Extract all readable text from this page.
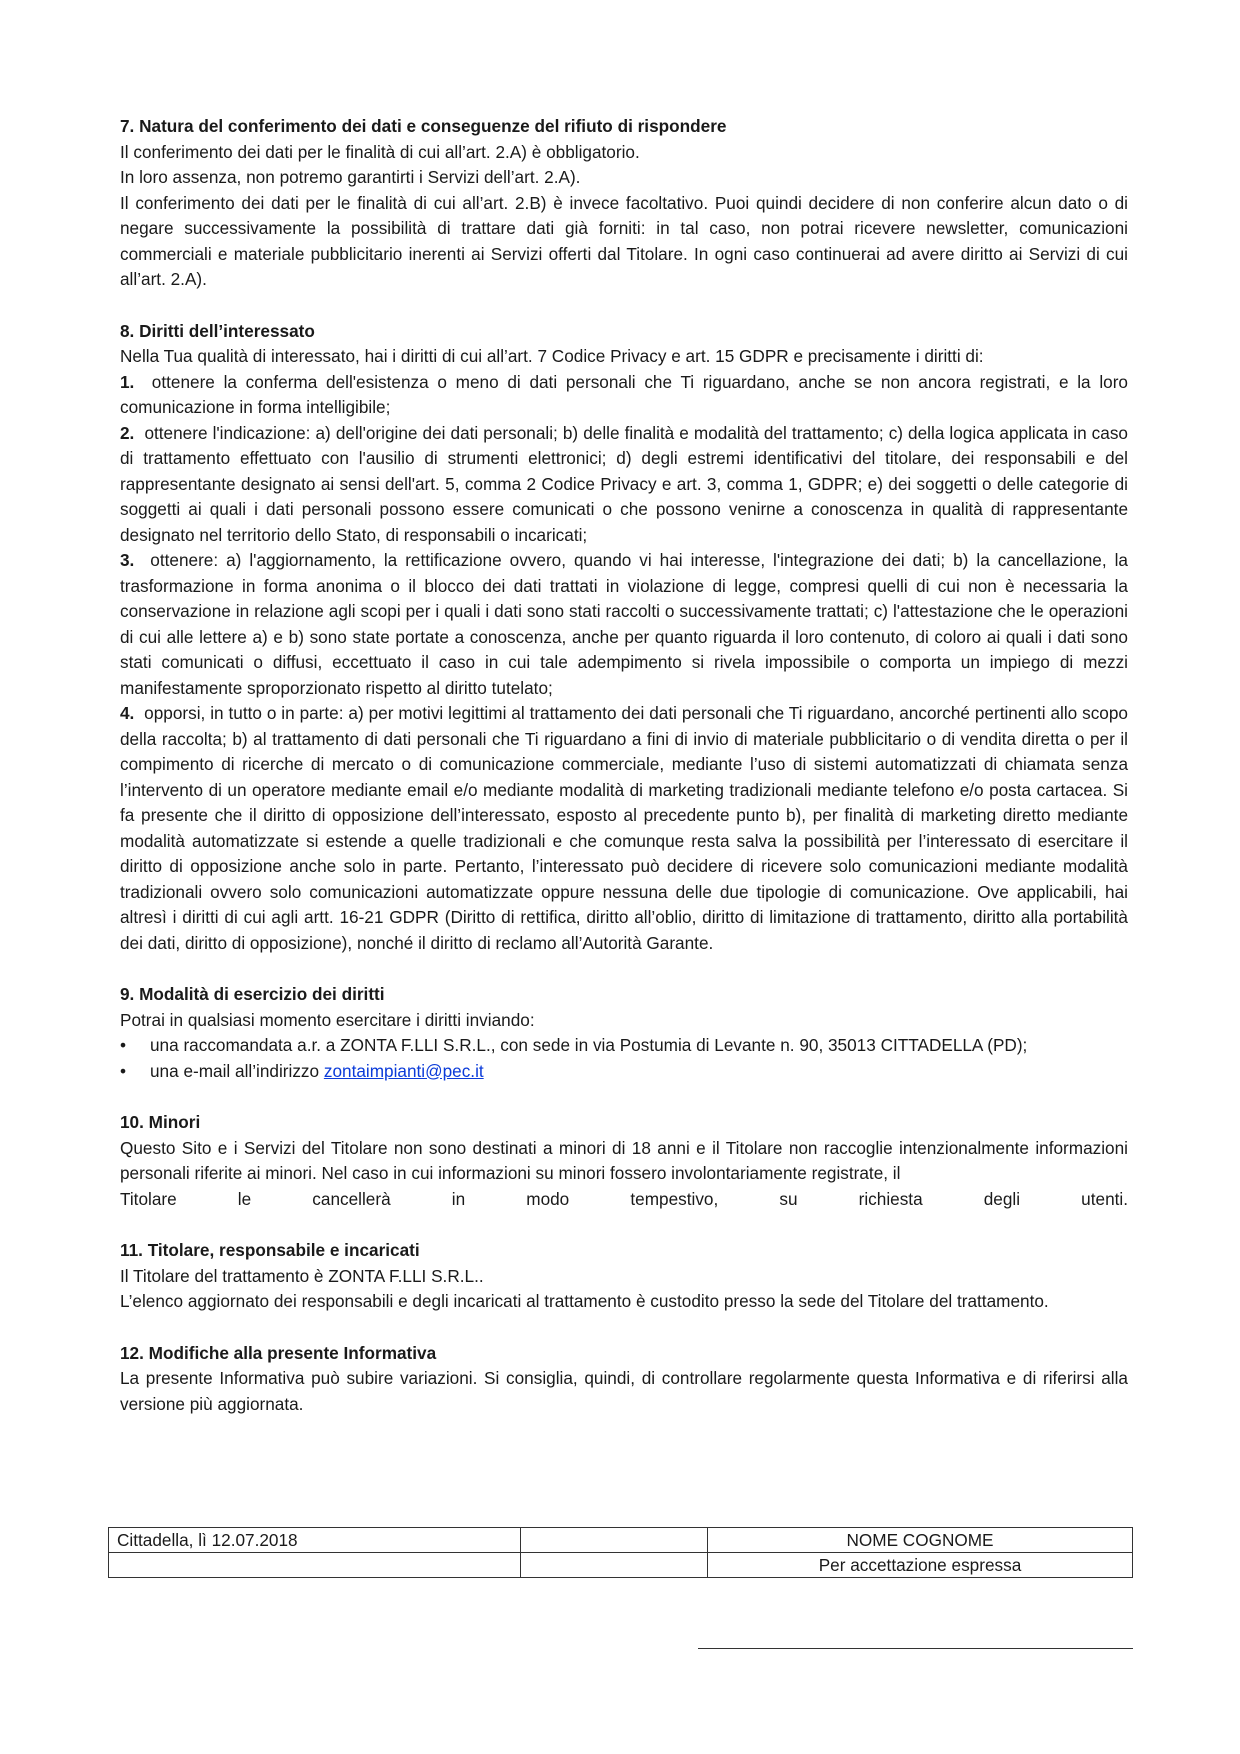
7. Natura del conferimento dei dati e conseguenze del rifiuto di rispondere

Il conferimento dei dati per le finalità di cui all’art. 2.A) è obbligatorio.

In loro assenza, non potremo garantirti i Servizi dell’art. 2.A).

Il conferimento dei dati per le finalità di cui all’art. 2.B) è invece facoltativo. Puoi quindi decidere di non conferire alcun dato o di negare successivamente la possibilità di trattare dati già forniti: in tal caso, non potrai ricevere newsletter, comunicazioni commerciali e materiale pubblicitario inerenti ai Servizi offerti dal Titolare. In ogni caso continuerai ad avere diritto ai Servizi di cui all’art. 2.A).

8. Diritti dell’interessato

Nella Tua qualità di interessato, hai i diritti di cui all’art. 7 Codice Privacy e art. 15 GDPR e precisamente i diritti di:

1. ottenere la conferma dell'esistenza o meno di dati personali che Ti riguardano, anche se non ancora registrati, e la loro comunicazione in forma intelligibile;

2. ottenere l'indicazione: a) dell'origine dei dati personali; b) delle finalità e modalità del trattamento; c) della logica applicata in caso di trattamento effettuato con l'ausilio di strumenti elettronici; d) degli estremi identificativi del titolare, dei responsabili e del rappresentante designato ai sensi dell'art. 5, comma 2 Codice Privacy e art. 3, comma 1, GDPR; e) dei soggetti o delle categorie di soggetti ai quali i dati personali possono essere comunicati o che possono venirne a conoscenza in qualità di rappresentante designato nel territorio dello Stato, di responsabili o incaricati;

3. ottenere: a) l'aggiornamento, la rettificazione ovvero, quando vi hai interesse, l'integrazione dei dati; b) la cancellazione, la trasformazione in forma anonima o il blocco dei dati trattati in violazione di legge, compresi quelli di cui non è necessaria la conservazione in relazione agli scopi per i quali i dati sono stati raccolti o successivamente trattati; c) l'attestazione che le operazioni di cui alle lettere a) e b) sono state portate a conoscenza, anche per quanto riguarda il loro contenuto, di coloro ai quali i dati sono stati comunicati o diffusi, eccettuato il caso in cui tale adempimento si rivela impossibile o comporta un impiego di mezzi manifestamente sproporzionato rispetto al diritto tutelato;

4. opporsi, in tutto o in parte: a) per motivi legittimi al trattamento dei dati personali che Ti riguardano, ancorché pertinenti allo scopo della raccolta; b) al trattamento di dati personali che Ti riguardano a fini di invio di materiale pubblicitario o di vendita diretta o per il compimento di ricerche di mercato o di comunicazione commerciale, mediante l’uso di sistemi automatizzati di chiamata senza l’intervento di un operatore mediante email e/o mediante modalità di marketing tradizionali mediante telefono e/o posta cartacea. Si fa presente che il diritto di opposizione dell’interessato, esposto al precedente punto b), per finalità di marketing diretto mediante modalità automatizzate si estende a quelle tradizionali e che comunque resta salva la possibilità per l’interessato di esercitare il diritto di opposizione anche solo in parte. Pertanto, l’interessato può decidere di ricevere solo comunicazioni mediante modalità tradizionali ovvero solo comunicazioni automatizzate oppure nessuna delle due tipologie di comunicazione. Ove applicabili, hai altresì i diritti di cui agli artt. 16-21 GDPR (Diritto di rettifica, diritto all’oblio, diritto di limitazione di trattamento, diritto alla portabilità dei dati, diritto di opposizione), nonché il diritto di reclamo all’Autorità Garante.

9. Modalità di esercizio dei diritti

Potrai in qualsiasi momento esercitare i diritti inviando:

•	una raccomandata a.r. a ZONTA F.LLI S.R.L., con sede in via Postumia di Levante n. 90, 35013 CITTADELLA (PD);
•	una e-mail all’indirizzo zontaimpianti@pec.it

10. Minori

Questo Sito e i Servizi del Titolare non sono destinati a minori di 18 anni e il Titolare non raccoglie intenzionalmente informazioni personali riferite ai minori. Nel caso in cui informazioni su minori fossero involontariamente registrate, il

Titolare	le	cancellerà	in	modo	tempestivo,	su	richiesta	degli	utenti.

11. Titolare, responsabile e incaricati

Il Titolare del trattamento è ZONTA F.LLI S.R.L..

L’elenco aggiornato dei responsabili e degli incaricati al trattamento è custodito presso la sede del Titolare del trattamento.

12. Modifiche alla presente Informativa

La presente Informativa può subire variazioni. Si consiglia, quindi, di controllare regolarmente questa Informativa e di riferirsi alla versione più aggiornata.

Cittadella, lì 12.07.2018		NOME COGNOME
		Per accettazione espressa
